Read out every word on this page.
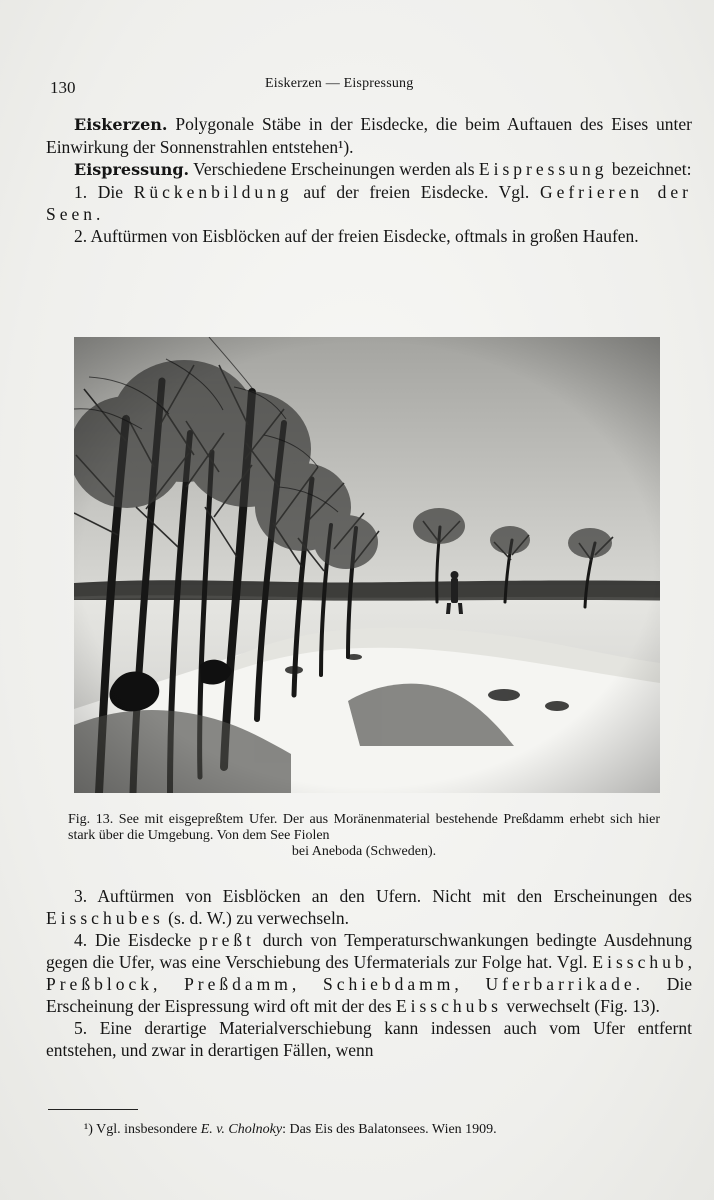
130	Eiskerzen — Eispressung

Eiskerzen. Polygonale Stäbe in der Eisdecke, die beim Auftauen des Eises unter Einwirkung der Sonnenstrahlen entstehen¹).

Eispressung. Verschiedene Erscheinungen werden als Eispressung bezeichnet:

1. Die Rückenbildung auf der freien Eisdecke. Vgl. Gefrieren der Seen.

2. Auftürmen von Eisblöcken auf der freien Eisdecke, oftmals in großen Haufen.

Fig. 13. See mit eisgepreßtem Ufer. Der aus Moränenmaterial bestehende Preßdamm erhebt sich hier stark über die Umgebung. Von dem See Fiolen
bei Aneboda (Schweden).

3. Auftürmen von Eisblöcken an den Ufern. Nicht mit den Erscheinungen des Eisschubes (s. d. W.) zu verwechseln.

4. Die Eisdecke preßt durch von Temperaturschwankungen bedingte Ausdehnung gegen die Ufer, was eine Verschiebung des Ufermaterials zur Folge hat. Vgl. Eisschub, Preßblock, Preßdamm, Schiebdamm, Uferbarrikade. Die Erscheinung der Eispressung wird oft mit der des Eisschubs verwechselt (Fig. 13).

5. Eine derartige Materialverschiebung kann indessen auch vom Ufer entfernt entstehen, und zwar in derartigen Fällen, wenn

¹) Vgl. insbesondere E. v. Cholnoky: Das Eis des Balatonsees. Wien 1909.
